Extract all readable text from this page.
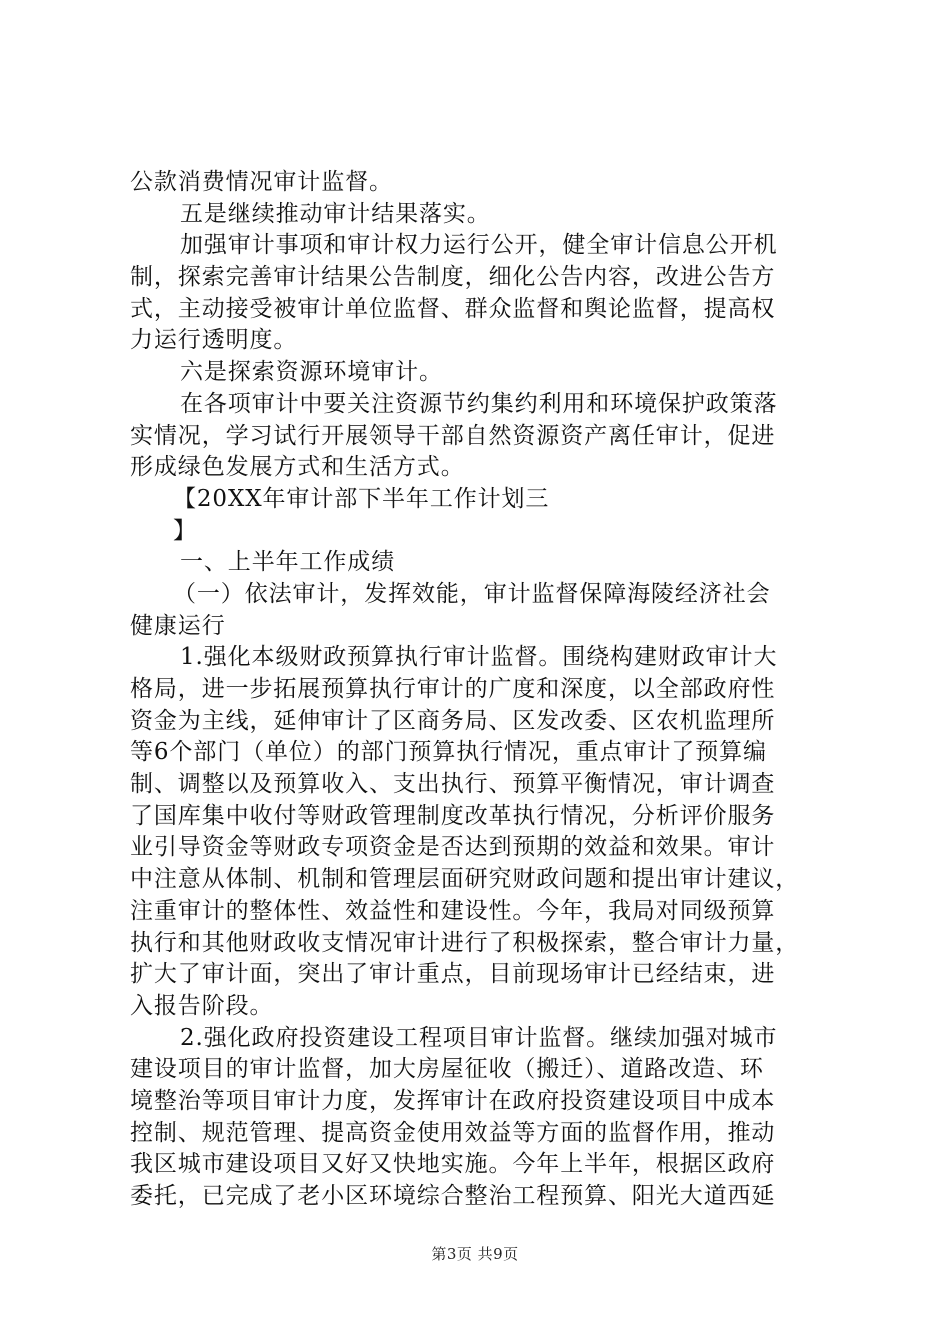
公款消费情况审计监督。
五是继续推动审计结果落实。
加强审计事项和审计权力运行公开，健全审计信息公开机
制，探索完善审计结果公告制度，细化公告内容，改进公告方
式，主动接受被审计单位监督、群众监督和舆论监督，提高权
力运行透明度。
六是探索资源环境审计。
在各项审计中要关注资源节约集约利用和环境保护政策落
实情况，学习试行开展领导干部自然资源资产离任审计，促进
形成绿色发展方式和生活方式。
【20XX年审计部下半年工作计划三
】
一、上半年工作成绩
（一）依法审计，发挥效能，审计监督保障海陵经济社会
健康运行
1.强化本级财政预算执行审计监督。围绕构建财政审计大
格局，进一步拓展预算执行审计的广度和深度，以全部政府性
资金为主线，延伸审计了区商务局、区发改委、区农机监理所
等6个部门（单位）的部门预算执行情况，重点审计了预算编
制、调整以及预算收入、支出执行、预算平衡情况，审计调查
了国库集中收付等财政管理制度改革执行情况，分析评价服务
业引导资金等财政专项资金是否达到预期的效益和效果。审计
中注意从体制、机制和管理层面研究财政问题和提出审计建议，
注重审计的整体性、效益性和建设性。今年，我局对同级预算
执行和其他财政收支情况审计进行了积极探索，整合审计力量，
扩大了审计面，突出了审计重点，目前现场审计已经结束，进
入报告阶段。
2.强化政府投资建设工程项目审计监督。继续加强对城市
建设项目的审计监督，加大房屋征收（搬迁）、道路改造、环
境整治等项目审计力度，发挥审计在政府投资建设项目中成本
控制、规范管理、提高资金使用效益等方面的监督作用，推动
我区城市建设项目又好又快地实施。今年上半年，根据区政府
委托，已完成了老小区环境综合整治工程预算、阳光大道西延
第3页 共9页
